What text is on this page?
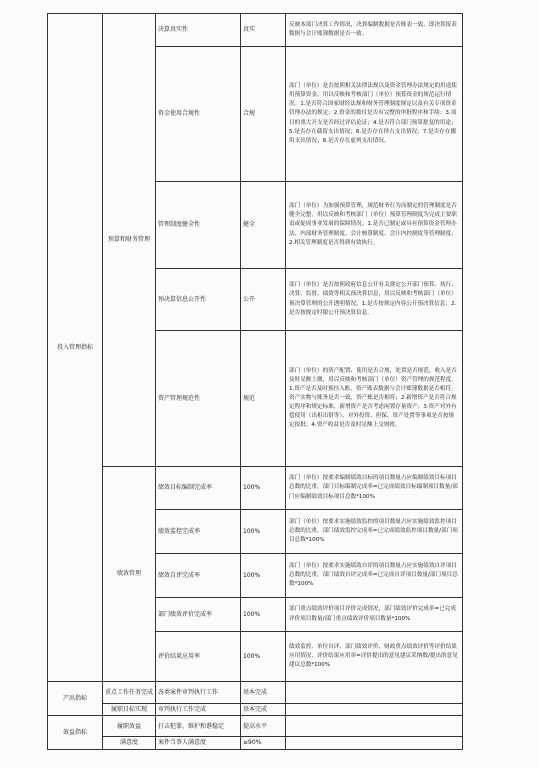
投入管理指标	预算和财务管理	决算真实性	真实	反映本部门决算工作情况，决算编制数据是否账表一致，即决算报表数据与会计账簿数据是否一致。
		资金使用合规性	合规	部门（单位）是否按照相关法律法规以及资金管理办法规定的用途使用预算资金，用以反映和考核部门（单位）预算资金的规范运行情况。1.是否符合国家财经法规和财务管理制度规定以及有关专项资金管理办法的规定；2.资金的拨付是否有完整的审批程序和手续；3.项目的重大开支是否经过评估论证；4.是否符合部门预算批复的用途；5.是否存在截留支出情况；6.是否存在挤占支出情况；7.是否存在挪用支出情况；8.是否存在虚列支出情况。
		管理制度健全性	健全	部门（单位）为加强预算管理，规范财务行为而制定的管理制度是否健全完整，用以反映和考核部门（单位）预算管理制度为完成主要职责或促成事业发展的保障情况。1.是否已制定或具有预算资金管理办法、内部财务管理制度、会计核算制度、会计内控制度等管理制度；2.相关管理制度是否得到有效执行。
		预决算信息公开性	公开	部门（单位）是否按照政府信息公开有关规定公开部门预算、执行、决算、监督、绩效等相关预决算信息，用以反映和考核部门（单位）预决算管理的公开透明情况。1.是否按规定内容公开预决算信息；2.是否按规定时限公开预决算信息。
		资产管理规范性	规范	部门（单位）的资产配置、使用是否合规，处置是否规范，收入是否及时足额上缴，用以反映和考核部门（单位）资产管理的规范程度。1.资产是否及时预挂入账，资产账表数据与会计账簿数据是否相符，资产实物与账务是否一致，资产账是否相符；2.新增资产是否符合规定程序和规定标准，新增资产是否考虑闲置存量资产；3.资产对外有偿使用（出租出借等）、对外投资、担保、资产处置等事项是否按规定报批；4.资产收益是否及时足额上交财政。
	绩效管理	绩效目标编制完成率	100%	部门（单位）按要求编制绩效目标的项目数量占应编制绩效目标项目总数的比重，部门目标编制完成率=已完成绩效目标编制项目数量/部门应编制绩效目标项目总数*100%
		绩效监控完成率	100%	部门（单位）按要求实施绩效监控的项目数量占应实施绩效监控项目总数的比重，部门绩效监控完成率=已完成绩效监控项目数量/部门项目总数*100%
		绩效自评完成率	100%	部门（单位）按要求实施绩效自评的项目数量占应实施绩效自评项目总数的比重，部门绩效自评完成率=已完成自评项目数量/部门项目总数*100%
		部门绩效评价完成率	100%	部门重点绩效评价项目评价完成情况，部门绩效评价完成率=已完成评价项目数量/部门重点绩效评价项目数量*100%
		评价结果应用率	100%	绩效监控、单位自评、部门绩效评价、财政重点绩效评价等评价结果应用情况，评价结果应用率=评价提出的意见建议采纳数/提出的意见建议总数*100%
产出指标	重点工作任务完成	各类案件审判执行工作	基本完成	
	履职目标实现	审判执行工作完成	基本完成	
效益指标	履职效益	打击犯罪，维护和谐稳定	提高水平	
	满意度	案件当事人满意度	≥90%	
